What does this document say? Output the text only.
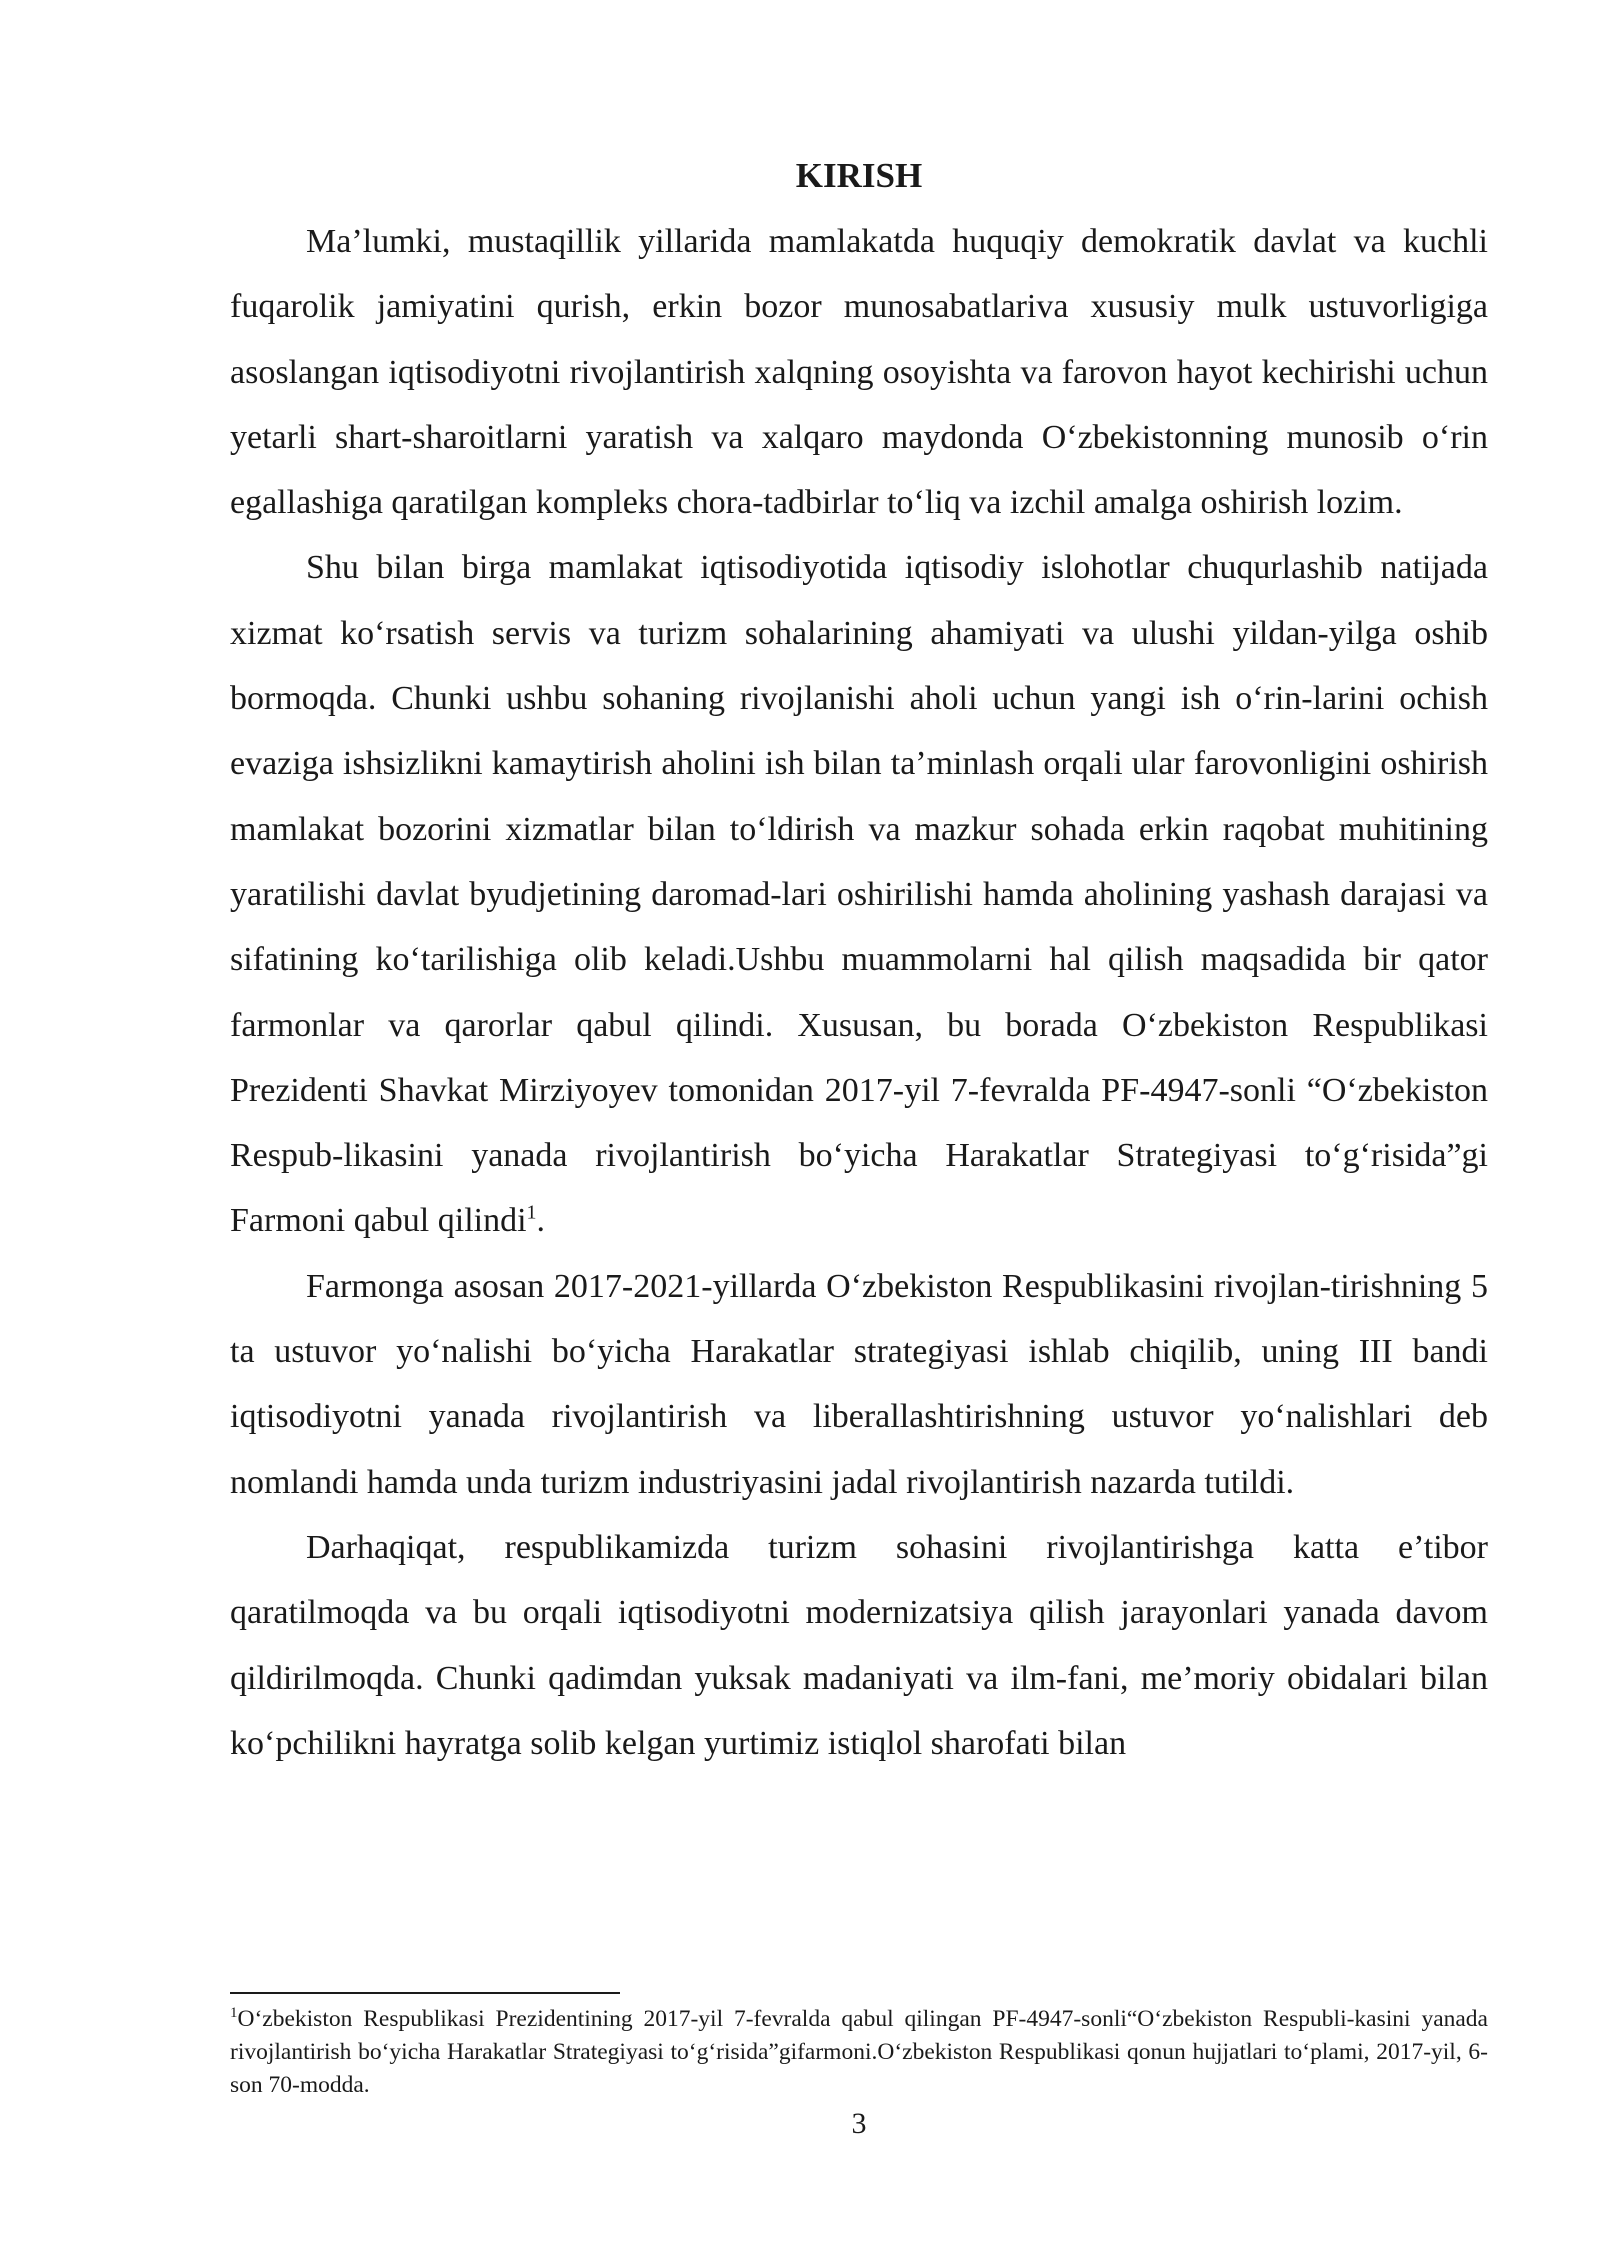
KIRISH

Ma’lumki, mustaqillik yillarida mamlakatda huquqiy demokratik davlat va kuchli fuqarolik jamiyatini qurish, erkin bozor munosabatlariva xususiy mulk ustuvorligiga asoslangan iqtisodiyotni rivojlantirish xalqning osoyishta va farovon hayot kechirishi uchun yetarli shart-sharoitlarni yaratish va xalqaro maydonda O‘zbekistonning munosib o‘rin egallashiga qaratilgan kompleks chora-tadbirlar to‘liq va izchil amalga oshirish lozim.

Shu bilan birga mamlakat iqtisodiyotida iqtisodiy islohotlar chuqurlashib natijada xizmat ko‘rsatish servis va turizm sohalarining ahamiyati va ulushi yildan-yilga oshib bormoqda. Chunki ushbu sohaning rivojlanishi aholi uchun yangi ish o‘rin-larini ochish evaziga ishsizlikni kamaytirish aholini ish bilan ta’minlash orqali ular farovonligini oshirish mamlakat bozorini xizmatlar bilan to‘ldirish va mazkur sohada erkin raqobat muhitining yaratilishi davlat byudjetining daromad-lari oshirilishi hamda aholining yashash darajasi va sifatining ko‘tarilishiga olib keladi.Ushbu muammolarni hal qilish maqsadida bir qator farmonlar va qarorlar qabul qilindi. Xususan, bu borada O‘zbekiston Respublikasi Prezidenti Shavkat Mirziyoyev tomonidan 2017-yil 7-fevralda PF-4947-sonli “O‘zbekiston Respub-likasini yanada rivojlantirish bo‘yicha Harakatlar Strategiyasi to‘g‘risida”gi Farmoni qabul qilindi$^1$.

Farmonga asosan 2017-2021-yillarda O‘zbekiston Respublikasini rivojlan-tirishning 5 ta ustuvor yo‘nalishi bo‘yicha Harakatlar strategiyasi ishlab chiqilib, uning III bandi iqtisodiyotni yanada rivojlantirish va liberallashtirishning ustuvor yo‘nalishlari deb nomlandi hamda unda turizm industriyasini jadal rivojlantirish nazarda tutildi.

Darhaqiqat, respublikamizda turizm sohasini rivojlantirishga katta e’tibor qaratilmoqda va bu orqali iqtisodiyotni modernizatsiya qilish jarayonlari yanada davom qildirilmoqda. Chunki qadimdan yuksak madaniyati va ilm-fani, me’moriy obidalari bilan ko‘pchilikni hayratga solib kelgan yurtimiz istiqlol sharofati bilan

$^1$O‘zbekiston Respublikasi Prezidentining 2017-yil 7-fevralda qabul qilingan PF-4947-sonli“O‘zbekiston Respubli-kasini yanada rivojlantirish bo‘yicha Harakatlar Strategiyasi to‘g‘risida”gifarmoni.O‘zbekiston Respublikasi qonun hujjatlari to‘plami, 2017-yil, 6-son 70-modda.

3
